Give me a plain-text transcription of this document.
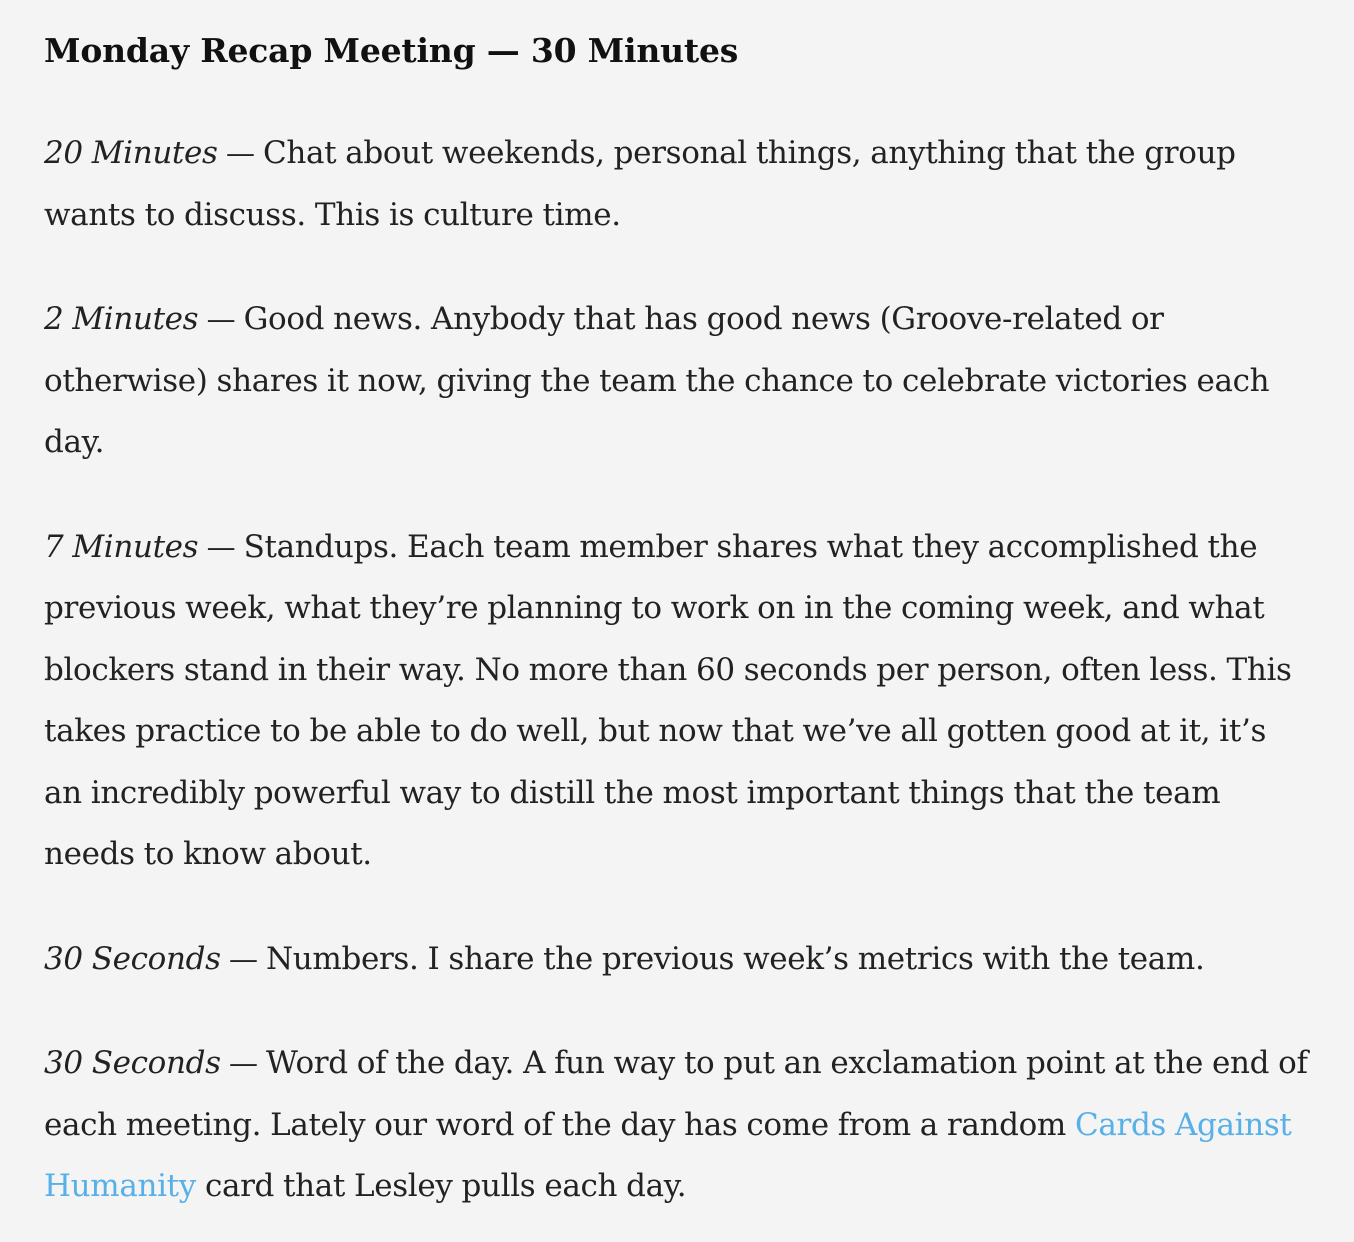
Monday Recap Meeting — 30 Minutes

20 Minutes — Chat about weekends, personal things, anything that the group wants to discuss. This is culture time.

2 Minutes — Good news. Anybody that has good news (Groove-related or otherwise) shares it now, giving the team the chance to celebrate victories each day.

7 Minutes — Standups. Each team member shares what they accomplished the previous week, what they’re planning to work on in the coming week, and what blockers stand in their way. No more than 60 seconds per person, often less. This takes practice to be able to do well, but now that we’ve all gotten good at it, it’s an incredibly powerful way to distill the most important things that the team needs to know about.

30 Seconds — Numbers. I share the previous week’s metrics with the team.

30 Seconds — Word of the day. A fun way to put an exclamation point at the end of each meeting. Lately our word of the day has come from a random Cards Against Humanity card that Lesley pulls each day.
